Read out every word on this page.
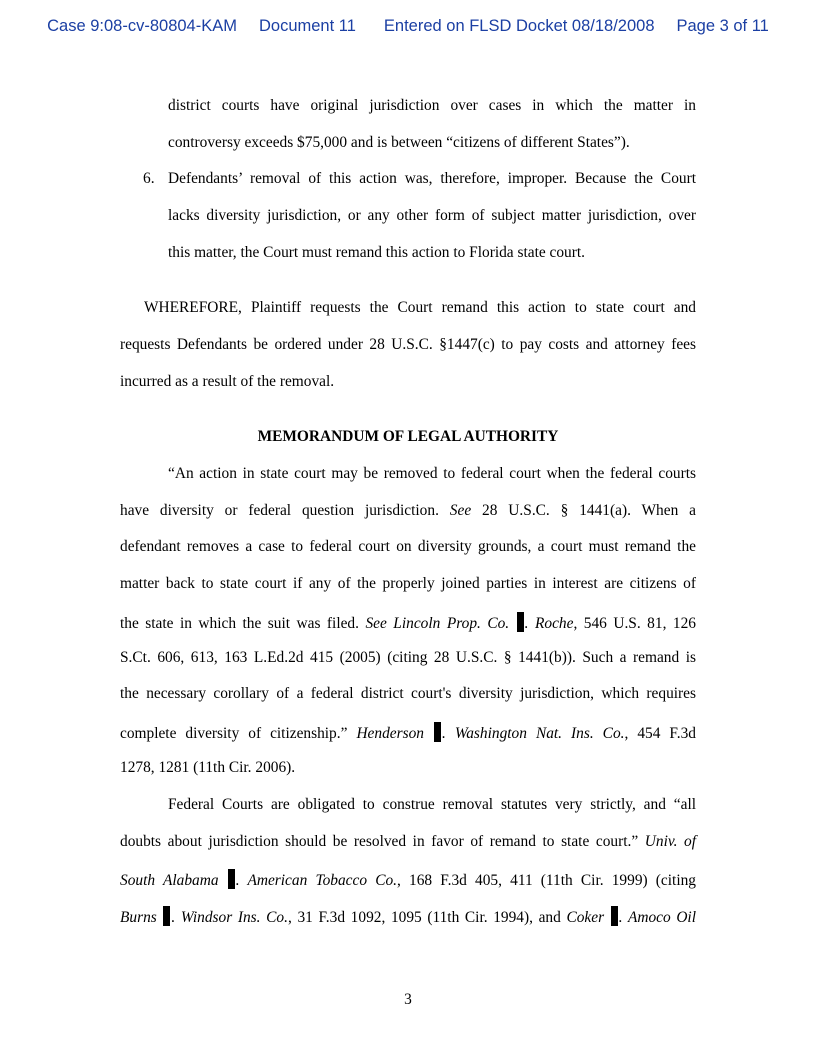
Case 9:08-cv-80804-KAM Document 11 Entered on FLSD Docket 08/18/2008 Page 3 of 11
district courts have original jurisdiction over cases in which the matter in
controversy exceeds $75,000 and is between “citizens of different States”).
6. Defendants’ removal of this action was, therefore, improper. Because the Court
lacks diversity jurisdiction, or any other form of subject matter jurisdiction, over
this matter, the Court must remand this action to Florida state court.
WHEREFORE, Plaintiff requests the Court remand this action to state court and
requests Defendants be ordered under 28 U.S.C. §1447(c) to pay costs and attorney fees
incurred as a result of the removal.
MEMORANDUM OF LEGAL AUTHORITY
“An action in state court may be removed to federal court when the federal courts
have diversity or federal question jurisdiction. See 28 U.S.C. § 1441(a). When a
defendant removes a case to federal court on diversity grounds, a court must remand the
matter back to state court if any of the properly joined parties in interest are citizens of
the state in which the suit was filed. See Lincoln Prop. Co. . Roche, 546 U.S. 81, 126
S.Ct. 606, 613, 163 L.Ed.2d 415 (2005) (citing 28 U.S.C. § 1441(b)). Such a remand is
the necessary corollary of a federal district court's diversity jurisdiction, which requires
complete diversity of citizenship.” Henderson . Washington Nat. Ins. Co., 454 F.3d
1278, 1281 (11th Cir. 2006).
Federal Courts are obligated to construe removal statutes very strictly, and “all
doubts about jurisdiction should be resolved in favor of remand to state court.” Univ. of
South Alabama . American Tobacco Co., 168 F.3d 405, 411 (11th Cir. 1999) (citing
Burns . Windsor Ins. Co., 31 F.3d 1092, 1095 (11th Cir. 1994), and Coker . Amoco Oil
3
